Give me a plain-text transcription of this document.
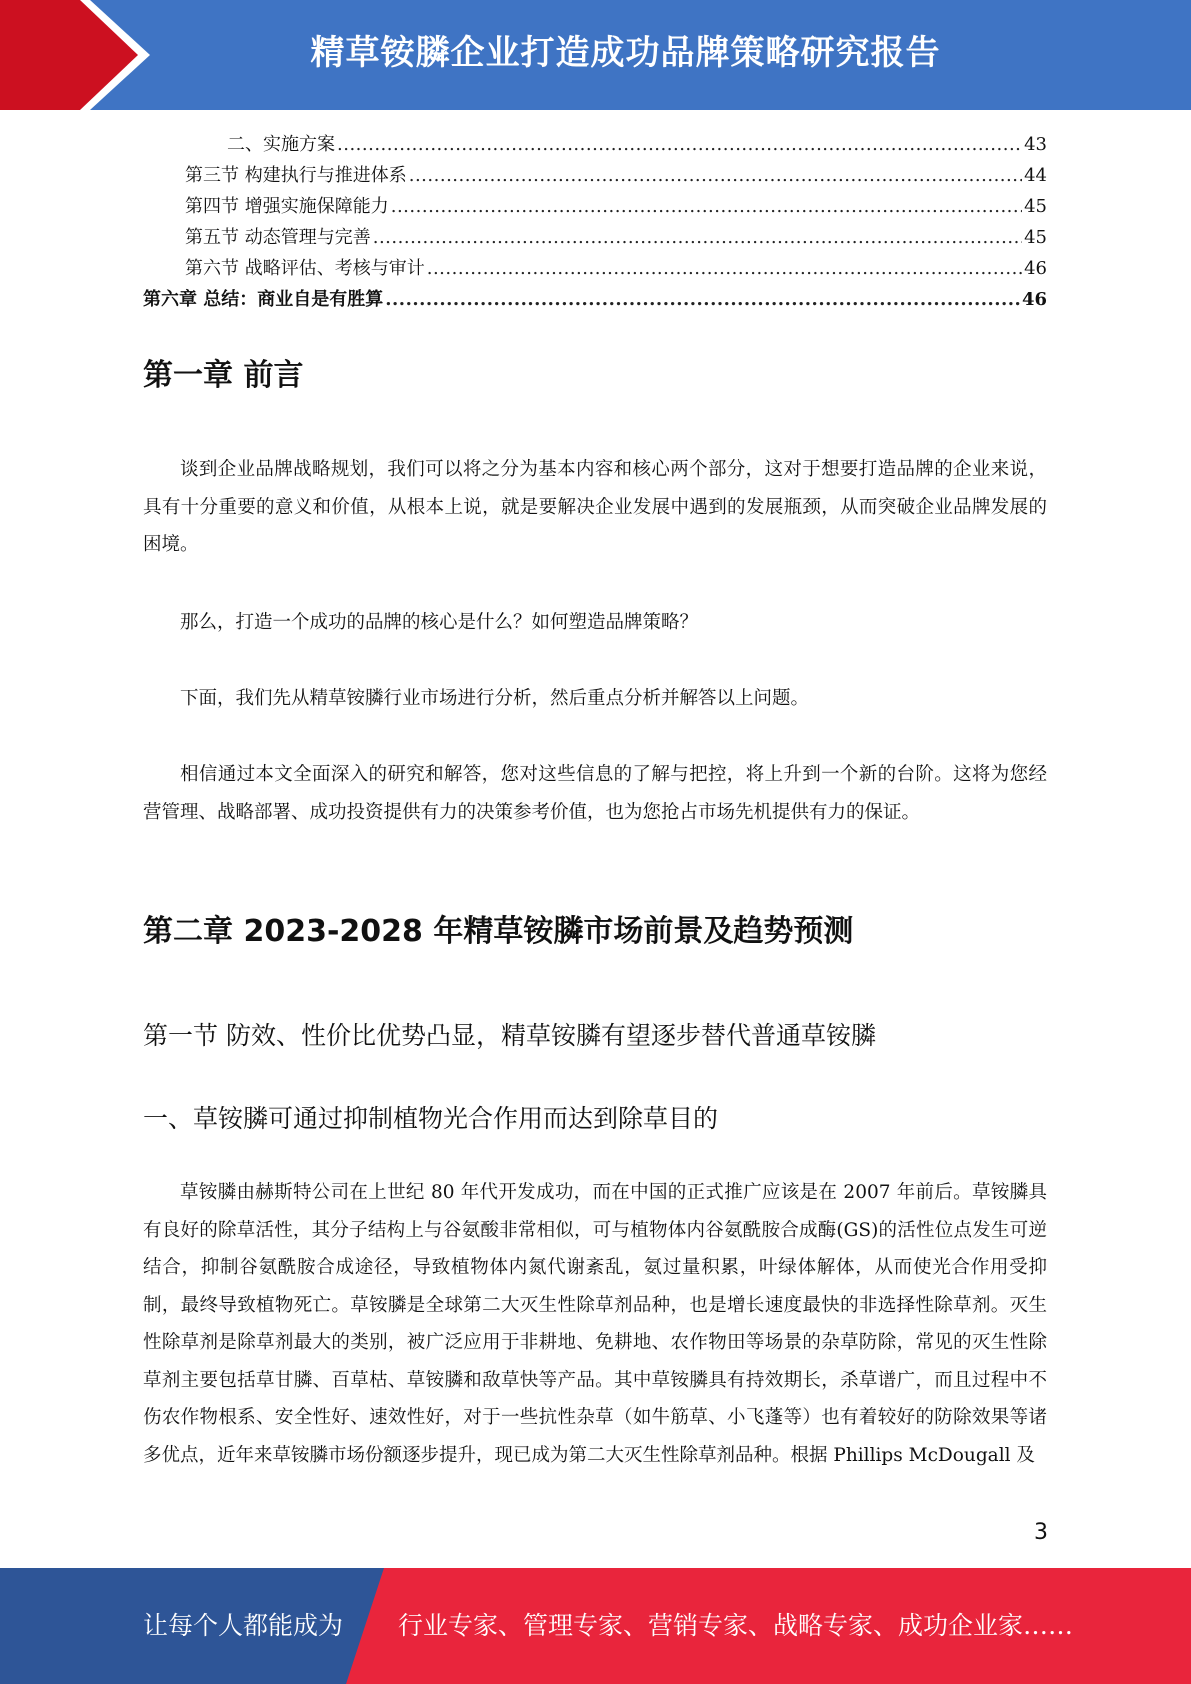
精草铵膦企业打造成功品牌策略研究报告
二、实施方案 .....	43
第三节 构建执行与推进体系 .....	44
第四节 增强实施保障能力 .....	45
第五节 动态管理与完善 .....	45
第六节 战略评估、考核与审计 .....	46
第六章 总结：商业自是有胜算 .....	46
第一章 前言

谈到企业品牌战略规划，我们可以将之分为基本内容和核心两个部分，这对于想要打造品牌的企业来说，具有十分重要的意义和价值，从根本上说，就是要解决企业发展中遇到的发展瓶颈，从而突破企业品牌发展的困境。

那么，打造一个成功的品牌的核心是什么？如何塑造品牌策略？

下面，我们先从精草铵膦行业市场进行分析，然后重点分析并解答以上问题。

相信通过本文全面深入的研究和解答，您对这些信息的了解与把控，将上升到一个新的台阶。这将为您经营管理、战略部署、成功投资提供有力的决策参考价值，也为您抢占市场先机提供有力的保证。

第二章 2023-2028 年精草铵膦市场前景及趋势预测
第一节 防效、性价比优势凸显，精草铵膦有望逐步替代普通草铵膦
一、草铵膦可通过抑制植物光合作用而达到除草目的

草铵膦由赫斯特公司在上世纪 80 年代开发成功，而在中国的正式推广应该是在 2007 年前后。草铵膦具有良好的除草活性，其分子结构上与谷氨酸非常相似，可与植物体内谷氨酰胺合成酶(GS)的活性位点发生可逆结合，抑制谷氨酰胺合成途径，导致植物体内氮代谢紊乱，氨过量积累，叶绿体解体，从而使光合作用受抑制，最终导致植物死亡。草铵膦是全球第二大灭生性除草剂品种，也是增长速度最快的非选择性除草剂。灭生性除草剂是除草剂最大的类别，被广泛应用于非耕地、免耕地、农作物田等场景的杂草防除，常见的灭生性除草剂主要包括草甘膦、百草枯、草铵膦和敌草快等产品。其中草铵膦具有持效期长，杀草谱广，而且过程中不伤农作物根系、安全性好、速效性好，对于一些抗性杂草（如牛筋草、小飞蓬等）也有着较好的防除效果等诸多优点，近年来草铵膦市场份额逐步提升，现已成为第二大灭生性除草剂品种。根据 Phillips McDougall 及

3
让每个人都能成为 行业专家、管理专家、营销专家、战略专家、成功企业家……
